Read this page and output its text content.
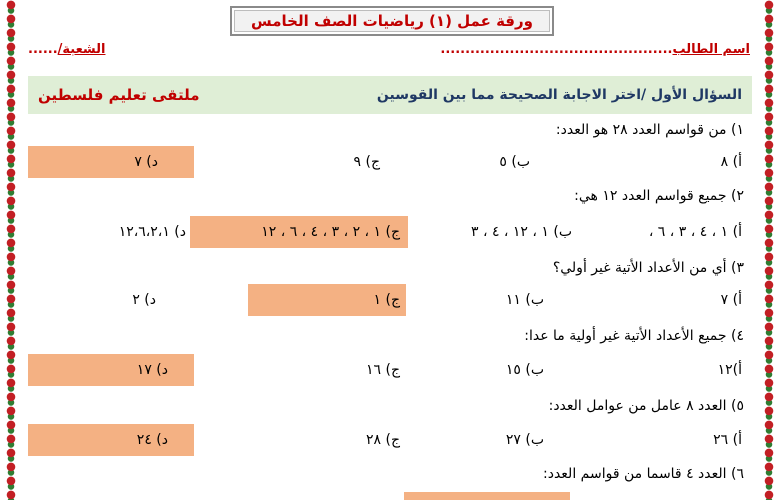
ورقة عمل (١) رياضيات الصف الخامس
اسم الطالب...............................................
الشعبة/......
السؤال الأول /اختر الاجابة الصحيحة مما بين القوسين
ملتقى تعليم فلسطين
١) من قواسم العدد ٢٨ هو العدد:
أ) ٨
ب) ٥
ج) ٩
د) ٧
٢) جميع قواسم العدد ١٢ هي:
أ) ١ ، ٤ ، ٣ ، ٦ ،
ب) ١ ، ١٢ ، ٤ ، ٣
ج) ١ ، ٢ ، ٣ ، ٤ ، ٦ ، ١٢
د) ١٢،٦،٢،١
٣) أي من الأعداد الأتية غير أولي؟
أ) ٧
ب) ١١
ج) ١
د) ٢
٤) جميع الأعداد الأتية غير أولية ما عدا:
أ)١٢
ب) ١٥
ج) ١٦
د) ١٧
٥) العدد ٨ عامل من عوامل العدد:
أ) ٢٦
ب) ٢٧
ج) ٢٨
د) ٢٤
٦) العدد ٤ قاسما من قواسم العدد:
